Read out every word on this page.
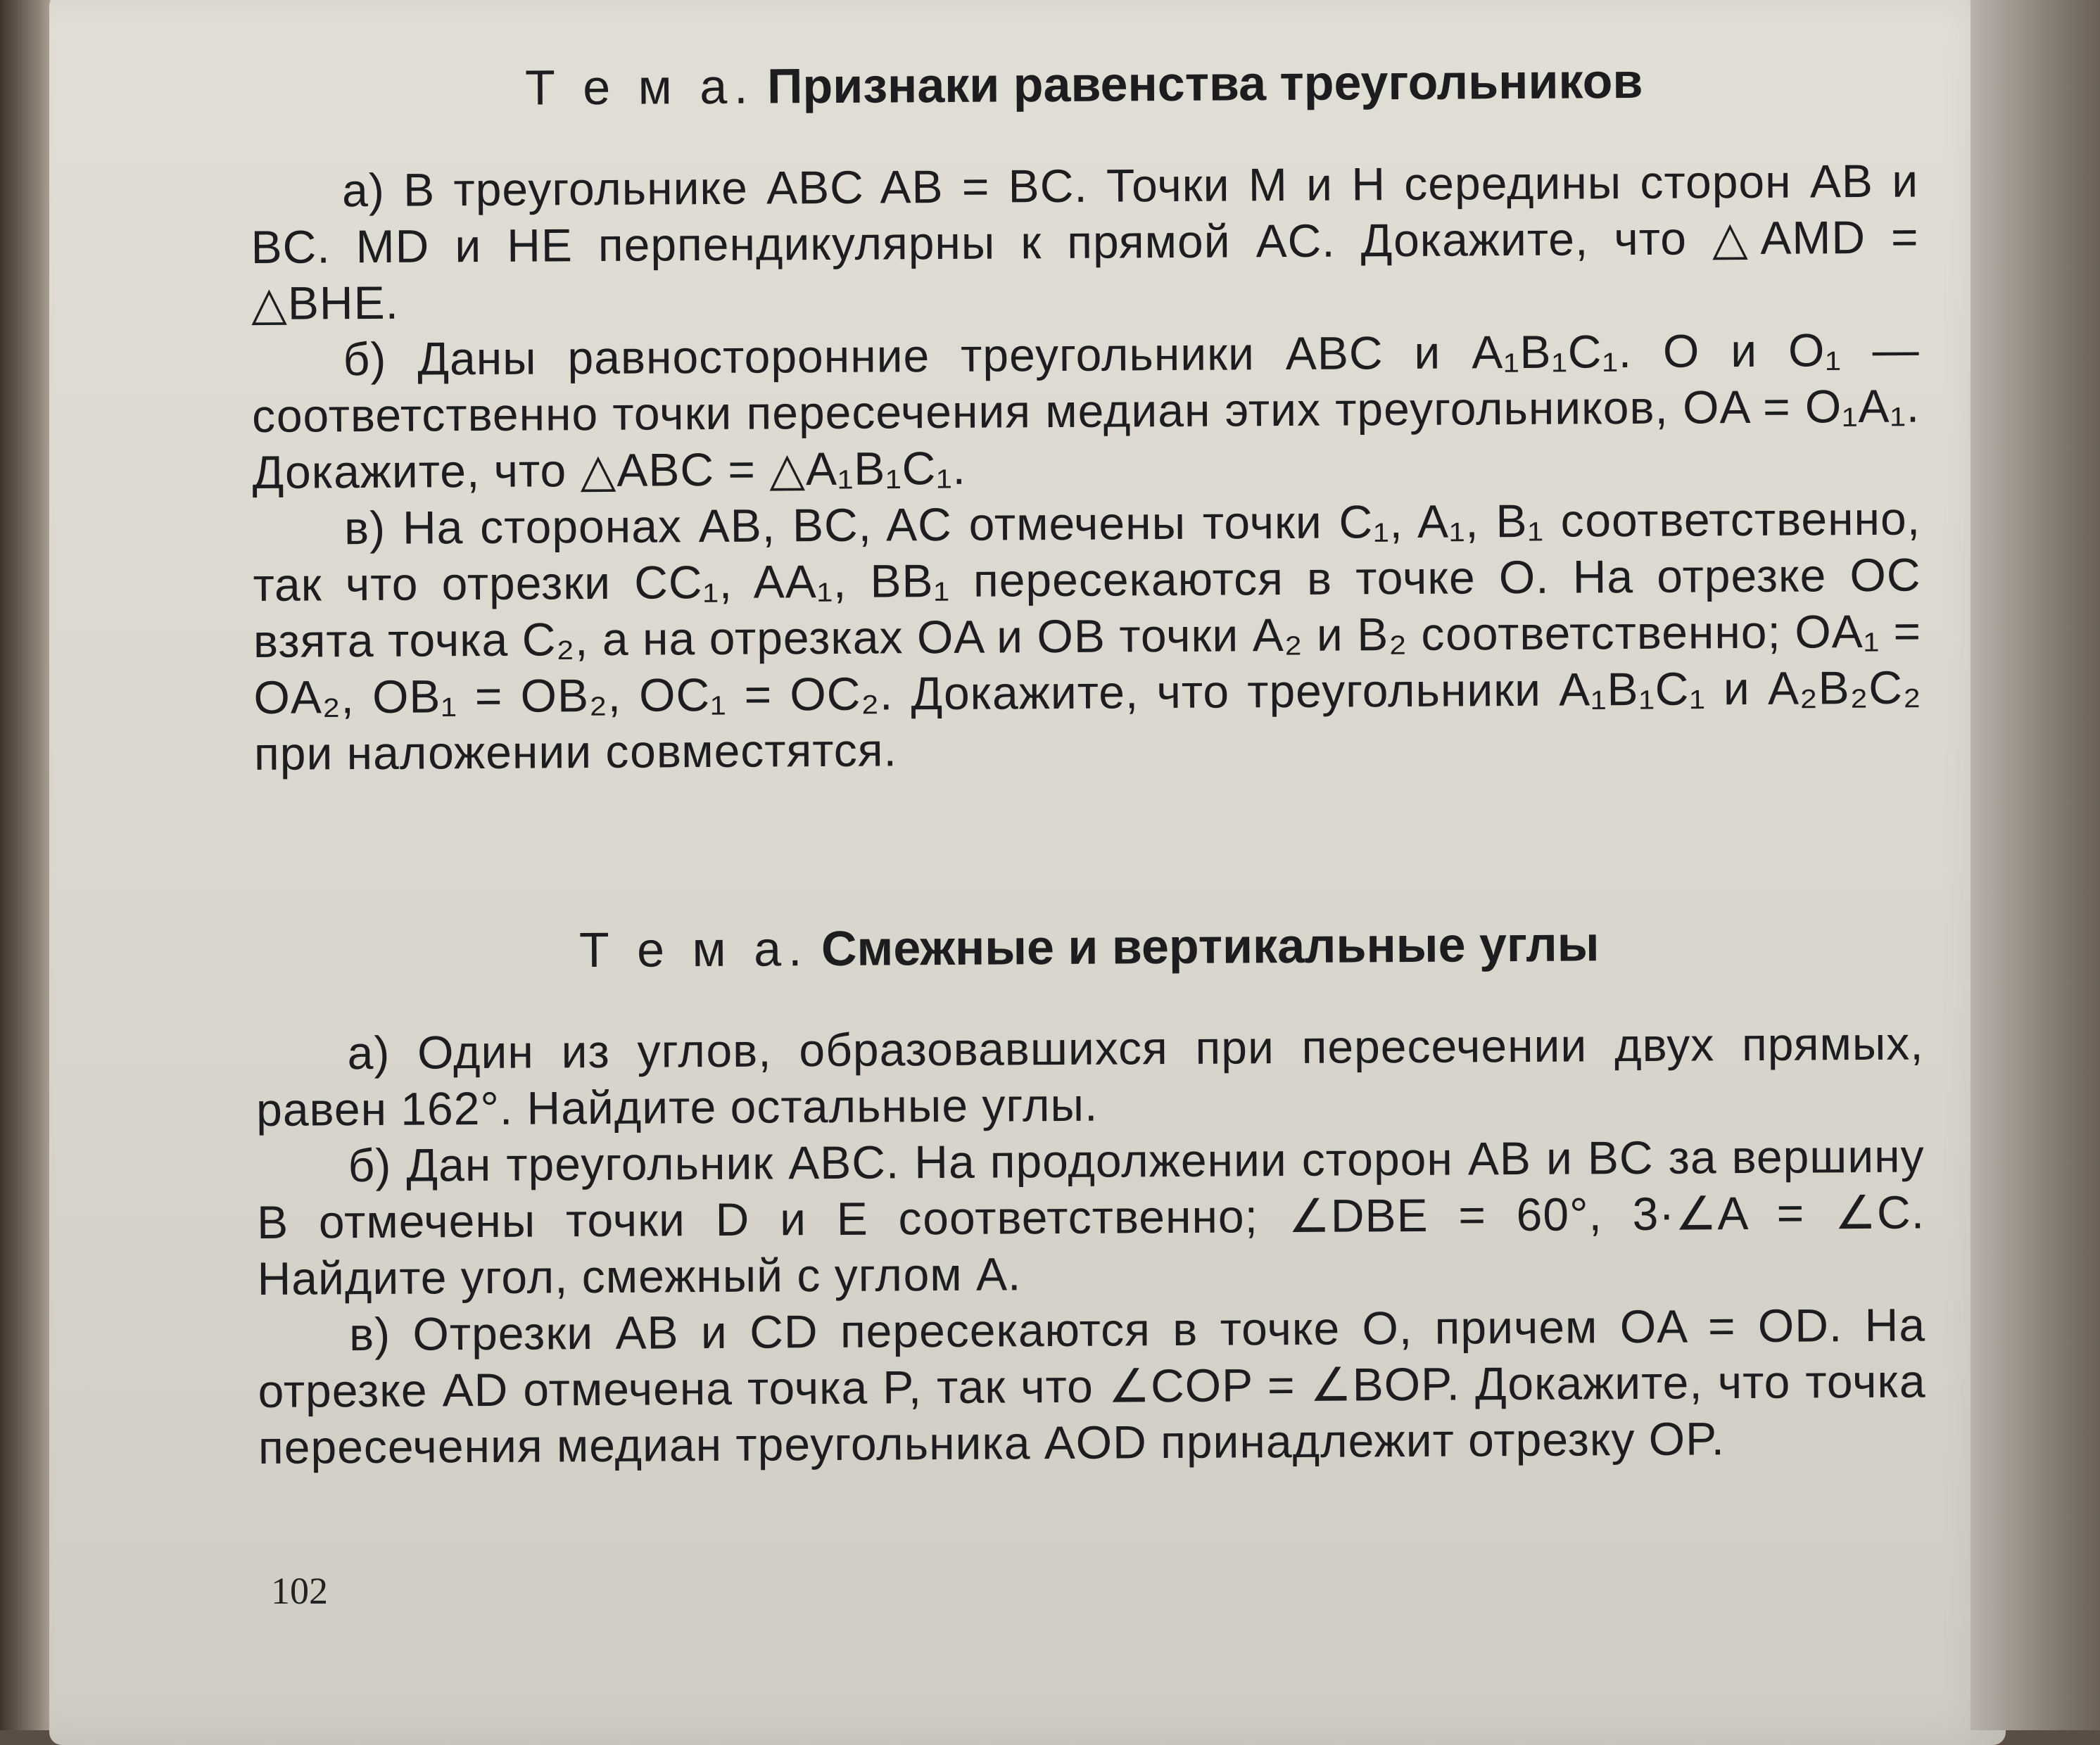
Т е м а. Признаки равенства треугольников

а) В треугольнике ABC AB = BC. Точки M и H середины сторон AB и BC. MD и HE перпендикулярны к прямой AC. Докажите, что △AMD = △BHE.

б) Даны равносторонние треугольники ABC и A₁B₁C₁. O и O₁ — соответственно точки пересечения медиан этих треугольников, OA = O₁A₁. Докажите, что △ABC = △A₁B₁C₁.

в) На сторонах AB, BC, AC отмечены точки C₁, A₁, B₁ соответственно, так что отрезки CC₁, AA₁, BB₁ пересекаются в точке O. На отрезке OC взята точка C₂, а на отрезках OA и OB точки A₂ и B₂ соответственно; OA₁ = OA₂, OB₁ = OB₂, OC₁ = OC₂. Докажите, что треугольники A₁B₁C₁ и A₂B₂C₂ при наложении совместятся.

Т е м а. Смежные и вертикальные углы

а) Один из углов, образовавшихся при пересечении двух прямых, равен 162°. Найдите остальные углы.

б) Дан треугольник ABC. На продолжении сторон AB и BC за вершину B отмечены точки D и E соответственно; ∠DBE = 60°, 3·∠A = ∠C. Найдите угол, смежный с углом A.

в) Отрезки AB и CD пересекаются в точке O, причем OA = OD. На отрезке AD отмечена точка P, так что ∠COP = ∠BOP. Докажите, что точка пересечения медиан треугольника AOD принадлежит отрезку OP.

102
